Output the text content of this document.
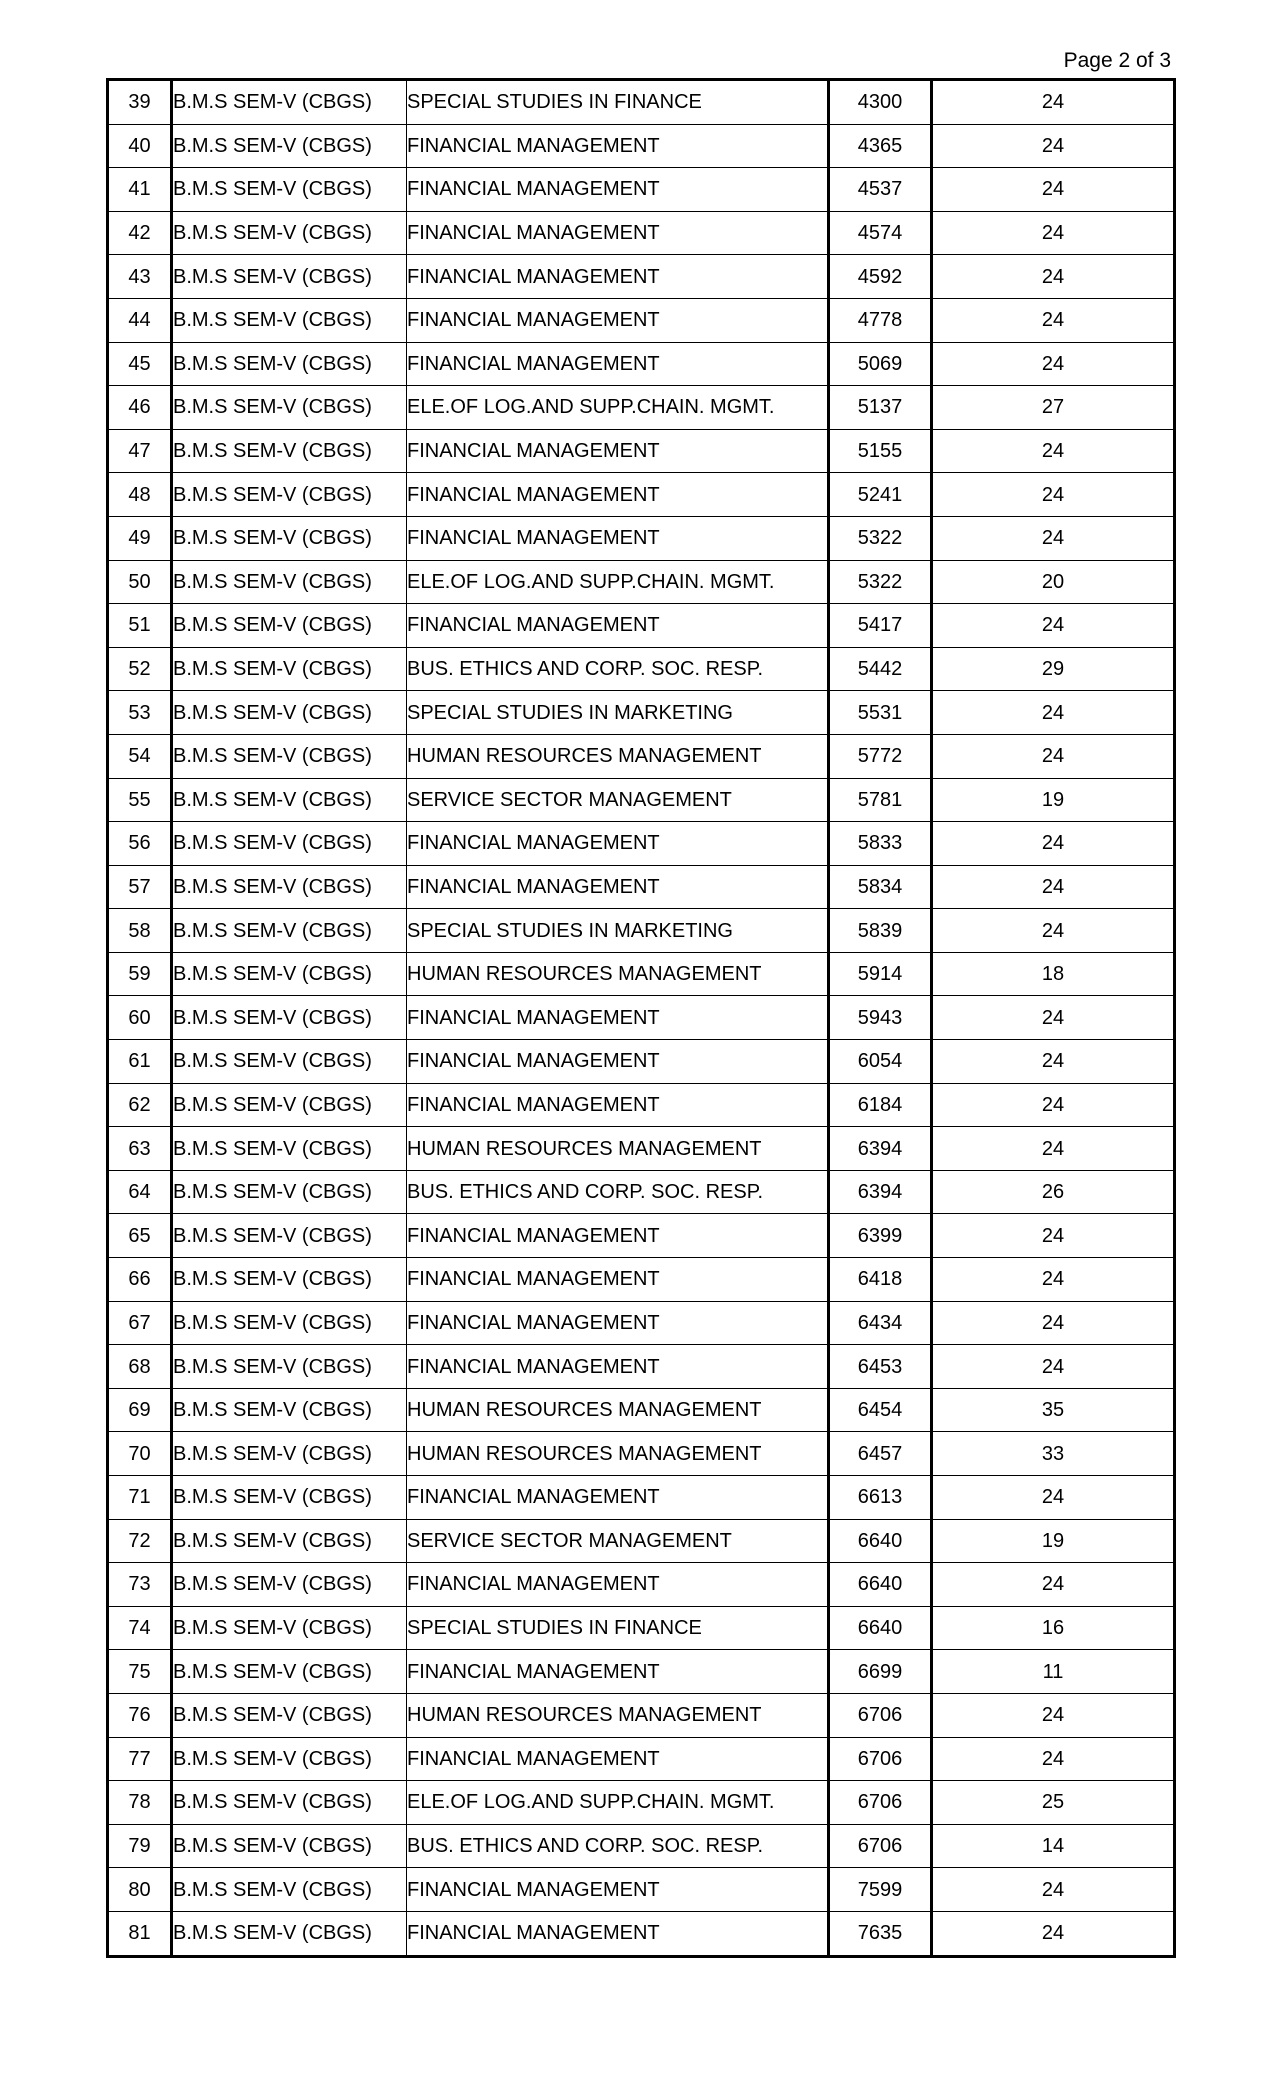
Page 2 of 3
39	B.M.S SEM-V (CBGS)	SPECIAL STUDIES IN FINANCE	4300	24
40	B.M.S SEM-V (CBGS)	FINANCIAL MANAGEMENT	4365	24
41	B.M.S SEM-V (CBGS)	FINANCIAL MANAGEMENT	4537	24
42	B.M.S SEM-V (CBGS)	FINANCIAL MANAGEMENT	4574	24
43	B.M.S SEM-V (CBGS)	FINANCIAL MANAGEMENT	4592	24
44	B.M.S SEM-V (CBGS)	FINANCIAL MANAGEMENT	4778	24
45	B.M.S SEM-V (CBGS)	FINANCIAL MANAGEMENT	5069	24
46	B.M.S SEM-V (CBGS)	ELE.OF LOG.AND SUPP.CHAIN. MGMT.	5137	27
47	B.M.S SEM-V (CBGS)	FINANCIAL MANAGEMENT	5155	24
48	B.M.S SEM-V (CBGS)	FINANCIAL MANAGEMENT	5241	24
49	B.M.S SEM-V (CBGS)	FINANCIAL MANAGEMENT	5322	24
50	B.M.S SEM-V (CBGS)	ELE.OF LOG.AND SUPP.CHAIN. MGMT.	5322	20
51	B.M.S SEM-V (CBGS)	FINANCIAL MANAGEMENT	5417	24
52	B.M.S SEM-V (CBGS)	BUS. ETHICS AND CORP. SOC. RESP.	5442	29
53	B.M.S SEM-V (CBGS)	SPECIAL STUDIES IN MARKETING	5531	24
54	B.M.S SEM-V (CBGS)	HUMAN RESOURCES MANAGEMENT	5772	24
55	B.M.S SEM-V (CBGS)	SERVICE SECTOR MANAGEMENT	5781	19
56	B.M.S SEM-V (CBGS)	FINANCIAL MANAGEMENT	5833	24
57	B.M.S SEM-V (CBGS)	FINANCIAL MANAGEMENT	5834	24
58	B.M.S SEM-V (CBGS)	SPECIAL STUDIES IN MARKETING	5839	24
59	B.M.S SEM-V (CBGS)	HUMAN RESOURCES MANAGEMENT	5914	18
60	B.M.S SEM-V (CBGS)	FINANCIAL MANAGEMENT	5943	24
61	B.M.S SEM-V (CBGS)	FINANCIAL MANAGEMENT	6054	24
62	B.M.S SEM-V (CBGS)	FINANCIAL MANAGEMENT	6184	24
63	B.M.S SEM-V (CBGS)	HUMAN RESOURCES MANAGEMENT	6394	24
64	B.M.S SEM-V (CBGS)	BUS. ETHICS AND CORP. SOC. RESP.	6394	26
65	B.M.S SEM-V (CBGS)	FINANCIAL MANAGEMENT	6399	24
66	B.M.S SEM-V (CBGS)	FINANCIAL MANAGEMENT	6418	24
67	B.M.S SEM-V (CBGS)	FINANCIAL MANAGEMENT	6434	24
68	B.M.S SEM-V (CBGS)	FINANCIAL MANAGEMENT	6453	24
69	B.M.S SEM-V (CBGS)	HUMAN RESOURCES MANAGEMENT	6454	35
70	B.M.S SEM-V (CBGS)	HUMAN RESOURCES MANAGEMENT	6457	33
71	B.M.S SEM-V (CBGS)	FINANCIAL MANAGEMENT	6613	24
72	B.M.S SEM-V (CBGS)	SERVICE SECTOR MANAGEMENT	6640	19
73	B.M.S SEM-V (CBGS)	FINANCIAL MANAGEMENT	6640	24
74	B.M.S SEM-V (CBGS)	SPECIAL STUDIES IN FINANCE	6640	16
75	B.M.S SEM-V (CBGS)	FINANCIAL MANAGEMENT	6699	11
76	B.M.S SEM-V (CBGS)	HUMAN RESOURCES MANAGEMENT	6706	24
77	B.M.S SEM-V (CBGS)	FINANCIAL MANAGEMENT	6706	24
78	B.M.S SEM-V (CBGS)	ELE.OF LOG.AND SUPP.CHAIN. MGMT.	6706	25
79	B.M.S SEM-V (CBGS)	BUS. ETHICS AND CORP. SOC. RESP.	6706	14
80	B.M.S SEM-V (CBGS)	FINANCIAL MANAGEMENT	7599	24
81	B.M.S SEM-V (CBGS)	FINANCIAL MANAGEMENT	7635	24
